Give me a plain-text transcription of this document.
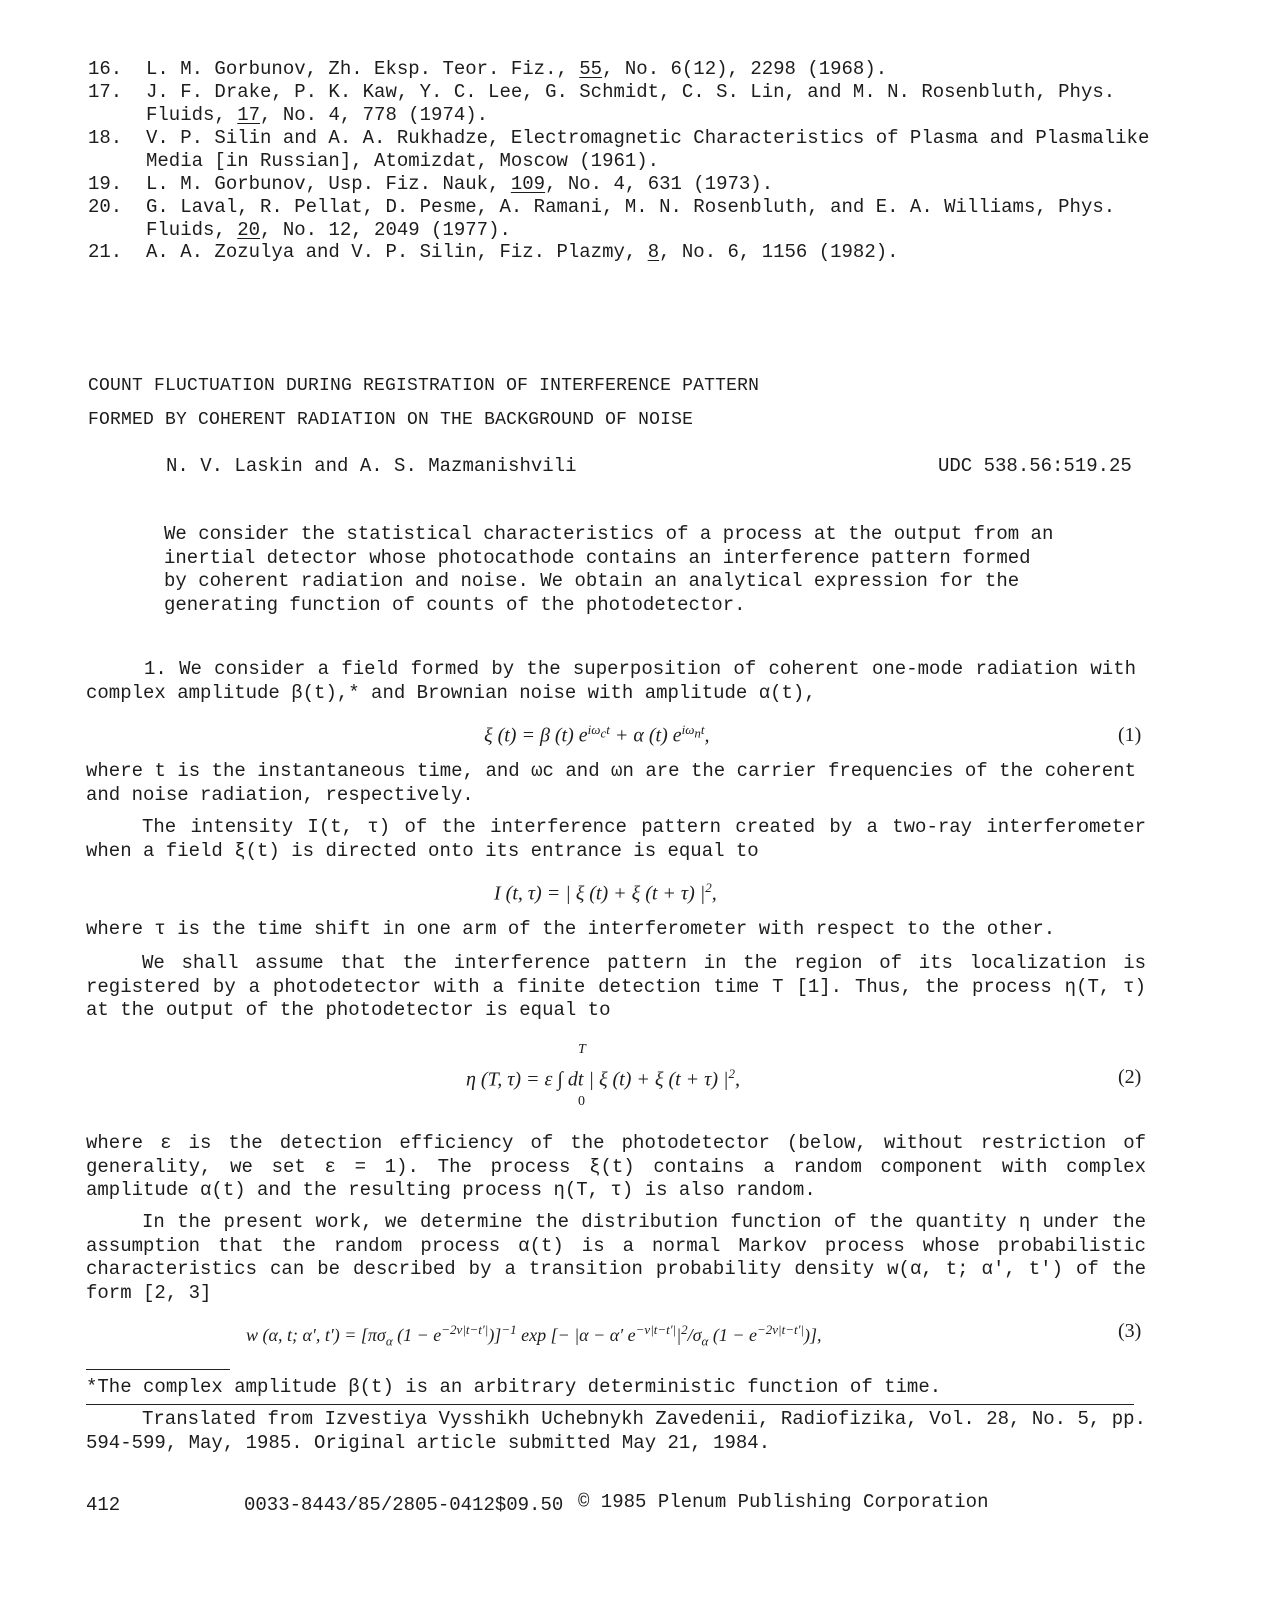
16. L. M. Gorbunov, Zh. Eksp. Teor. Fiz., 55, No. 6(12), 2298 (1968).
17. J. F. Drake, P. K. Kaw, Y. C. Lee, G. Schmidt, C. S. Lin, and M. N. Rosenbluth, Phys. Fluids, 17, No. 4, 778 (1974).
18. V. P. Silin and A. A. Rukhadze, Electromagnetic Characteristics of Plasma and Plasmalike Media [in Russian], Atomizdat, Moscow (1961).
19. L. M. Gorbunov, Usp. Fiz. Nauk, 109, No. 4, 631 (1973).
20. G. Laval, R. Pellat, D. Pesme, A. Ramani, M. N. Rosenbluth, and E. A. Williams, Phys. Fluids, 20, No. 12, 2049 (1977).
21. A. A. Zozulya and V. P. Silin, Fiz. Plazmy, 8, No. 6, 1156 (1982).
COUNT FLUCTUATION DURING REGISTRATION OF INTERFERENCE PATTERN
FORMED BY COHERENT RADIATION ON THE BACKGROUND OF NOISE
N. V. Laskin and A. S. Mazmanishvili	UDC 538.56:519.25
We consider the statistical characteristics of a process at the output from an inertial detector whose photocathode contains an interference pattern formed by coherent radiation and noise. We obtain an analytical expression for the generating function of counts of the photodetector.
1. We consider a field formed by the superposition of coherent one-mode radiation with complex amplitude β(t),* and Brownian noise with amplitude α(t),
ξ (t) = β (t) $e^{i\omega_ct} + \alpha$ (t) $e^{i\omega_nt}$,	(1)
where t is the instantaneous time, and ωc and ωn are the carrier frequencies of the coherent and noise radiation, respectively.
The intensity I(t, τ) of the interference pattern created by a two-ray interferometer when a field ξ(t) is directed onto its entrance is equal to
I (t, τ) = | ξ (t) + ξ (t + τ) $|^2$,
where τ is the time shift in one arm of the interferometer with respect to the other.
We shall assume that the interference pattern in the region of its localization is registered by a photodetector with a finite detection time T [1]. Thus, the process η(T, τ) at the output of the photodetector is equal to
η (T, τ) = ε ∫ dt | ξ (t) + ξ (t + τ) $|^2$,
T
0
(2)
where ε is the detection efficiency of the photodetector (below, without restriction of generality, we set ε = 1). The process ξ(t) contains a random component with complex amplitude α(t) and the resulting process η(T, τ) is also random.
In the present work, we determine the distribution function of the quantity η under the assumption that the random process α(t) is a normal Markov process whose probabilistic characteristics can be described by a transition probability density w(α, t; α', t') of the form [2, 3]
w (α, t; α′, $t') = [\pi\sigma_\alpha$ $(1 - e^{-2\nu|t-t'|})]^{-1}$ exp [− |α − α′ $e^{-\nu|t-t'|}|^2/\sigma_\alpha$ $(1 - e^{-2\nu|t-t'|})$],	(3)
*The complex amplitude β(t) is an arbitrary deterministic function of time.
Translated from Izvestiya Vysshikh Uchebnykh Zavedenii, Radiofizika, Vol. 28, No. 5, pp. 594-599, May, 1985. Original article submitted May 21, 1984.
412	0033-8443/85/2805-0412$09.50 © 1985 Plenum Publishing Corporation
